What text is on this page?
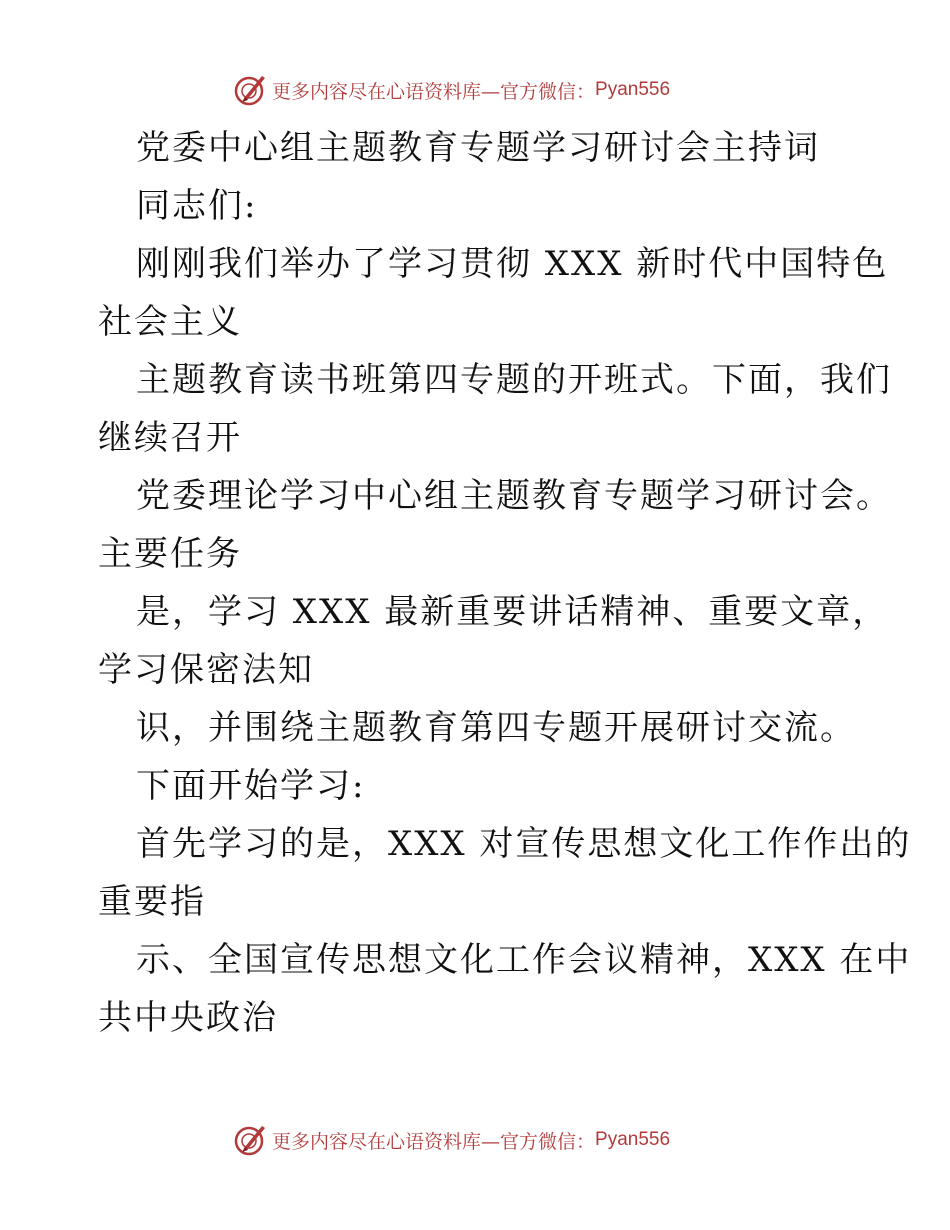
更多内容尽在心语资料库—官方微信： Pyan556
党委中心组主题教育专题学习研讨会主持词
同志们:
刚刚我们举办了学习贯彻 XXX 新时代中国特色
社会主义
主题教育读书班第四专题的开班式。下面，我们
继续召开
党委理论学习中心组主题教育专题学习研讨会。
主要任务
是，学习 XXX 最新重要讲话精神、重要文章，
学习保密法知
识，并围绕主题教育第四专题开展研讨交流。
下面开始学习:
首先学习的是，XXX 对宣传思想文化工作作出的
重要指
示、全国宣传思想文化工作会议精神，XXX 在中
共中央政治
更多内容尽在心语资料库—官方微信： Pyan556
